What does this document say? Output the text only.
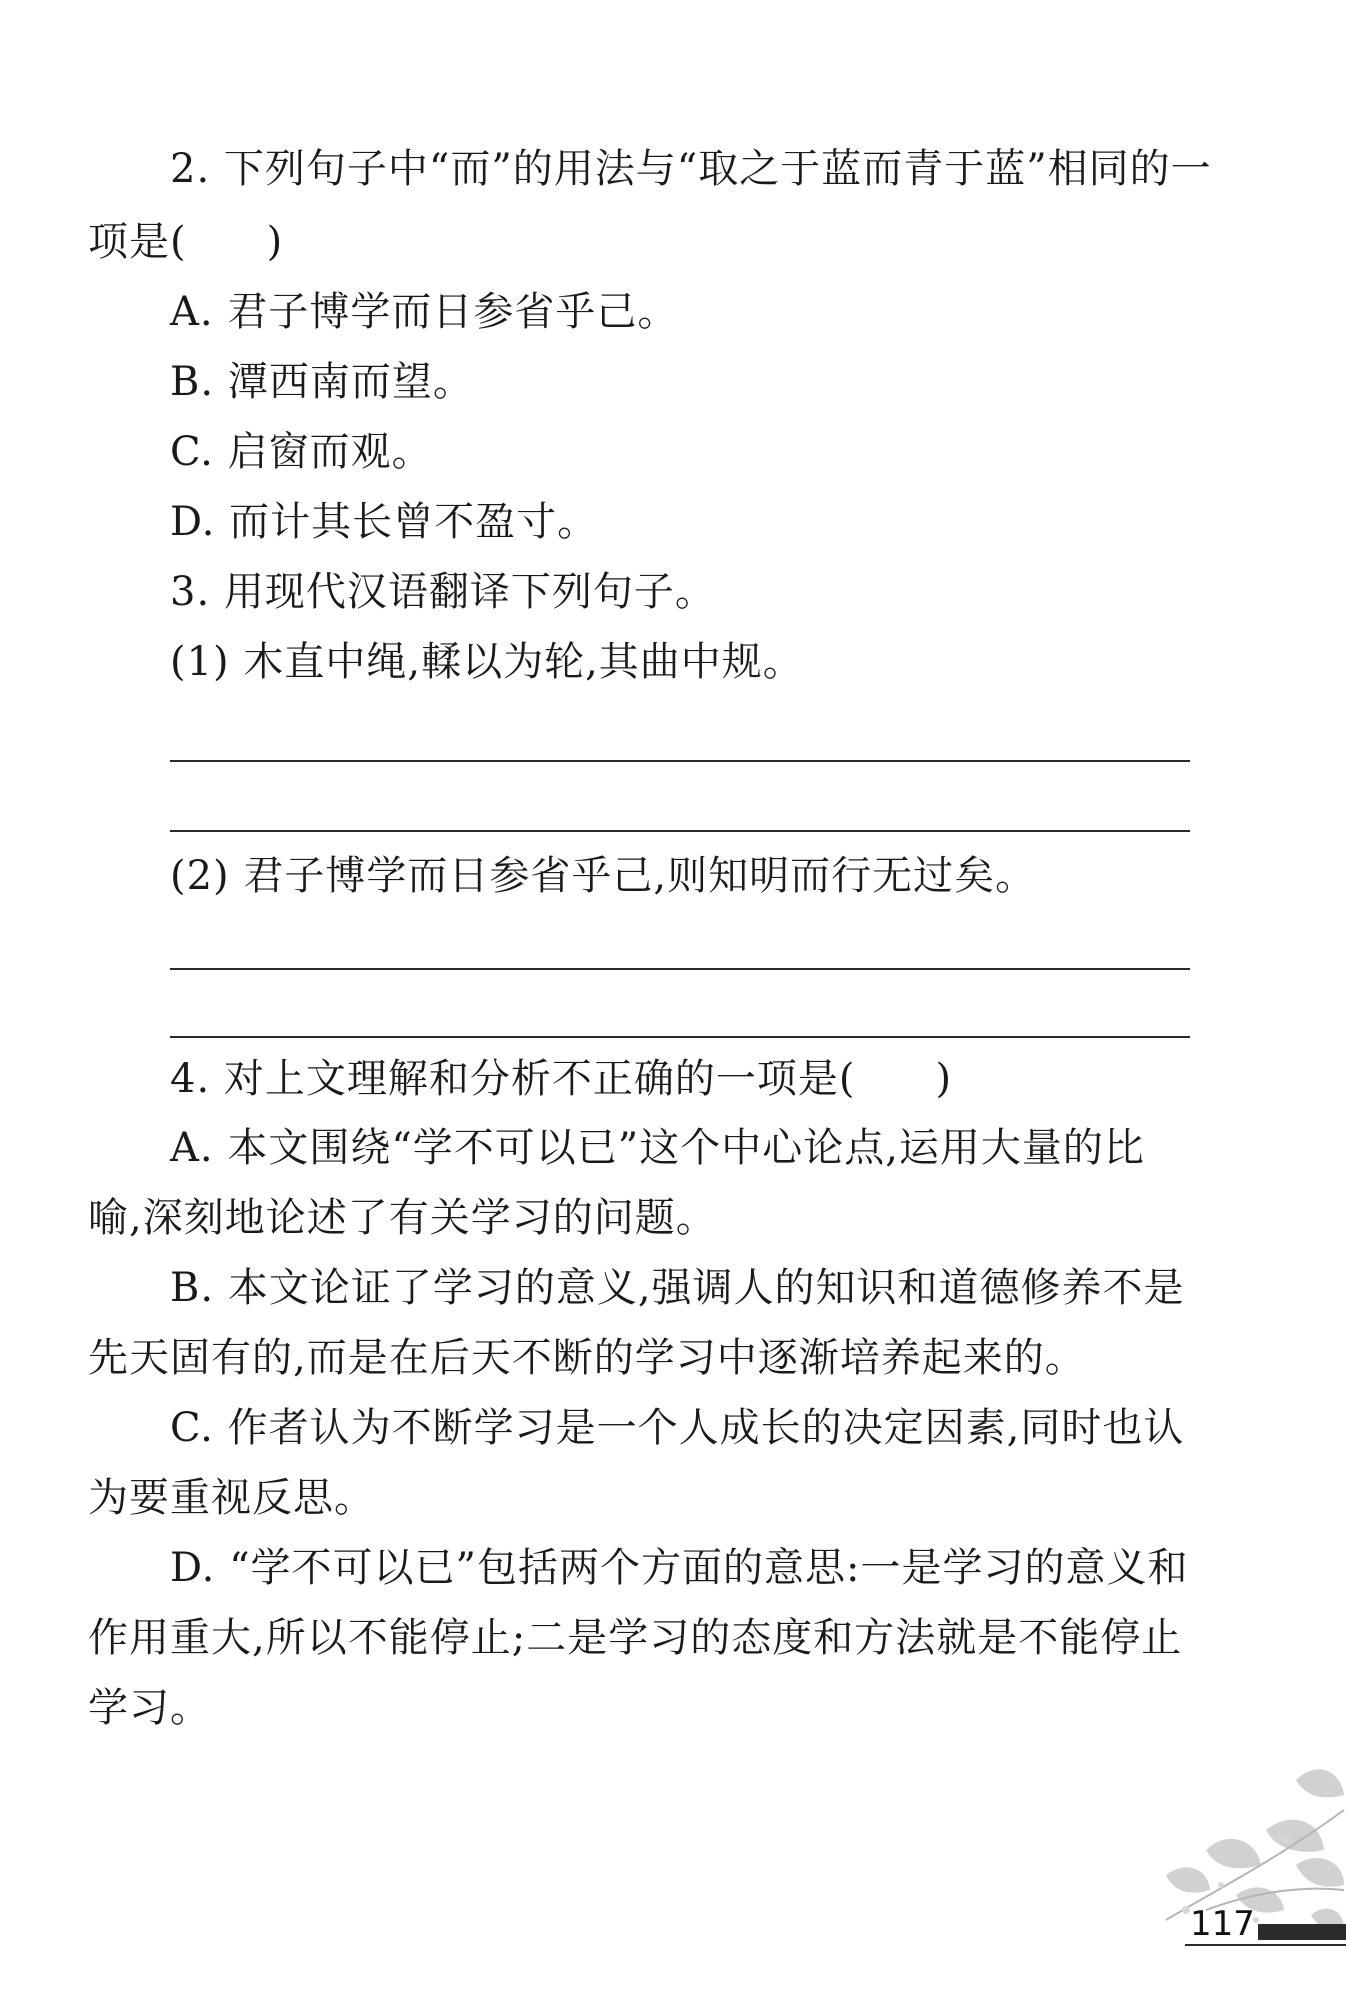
2. 下列句子中“而”的用法与“取之于蓝而青于蓝”相同的一
项是( )
A. 君子博学而日参省乎己。
B. 潭西南而望。
C. 启窗而观。
D. 而计其长曾不盈寸。
3. 用现代汉语翻译下列句子。
(1) 木直中绳,輮以为轮,其曲中规。
(2) 君子博学而日参省乎己,则知明而行无过矣。
4. 对上文理解和分析不正确的一项是( )
A. 本文围绕“学不可以已”这个中心论点,运用大量的比
喻,深刻地论述了有关学习的问题。
B. 本文论证了学习的意义,强调人的知识和道德修养不是
先天固有的,而是在后天不断的学习中逐渐培养起来的。
C. 作者认为不断学习是一个人成长的决定因素,同时也认
为要重视反思。
D. “学不可以已”包括两个方面的意思:一是学习的意义和
作用重大,所以不能停止;二是学习的态度和方法就是不能停止
学习。
117
